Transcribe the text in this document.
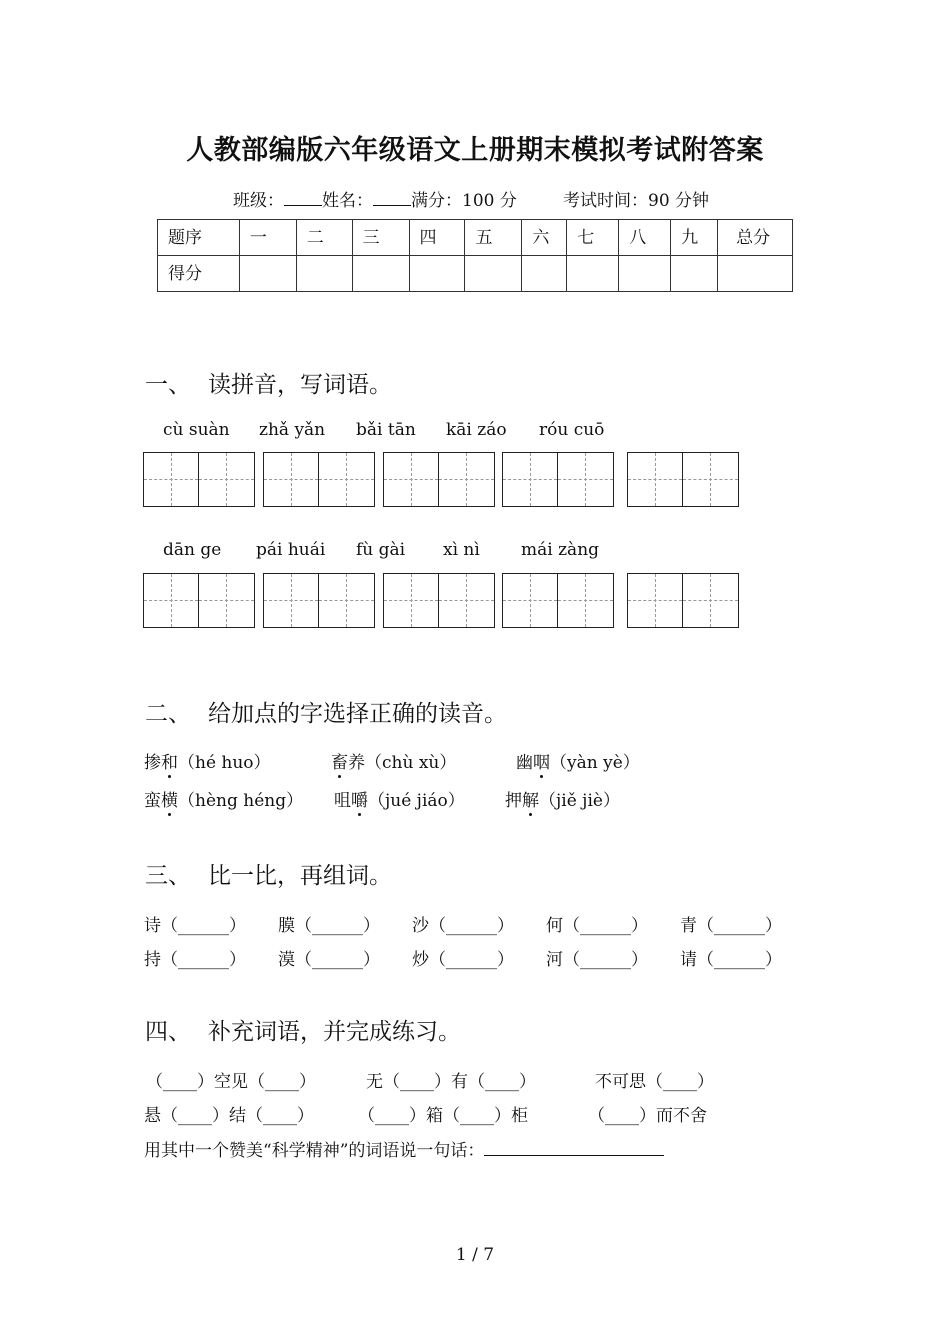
人教部编版六年级语文上册期末模拟考试附答案
班级： 姓名： 满分：100 分	考试时间：90 分钟
题序	一	二	三	四	五	六	七	八	九	总分
得分										
一、 读拼音，写词语。
cù suàn zhǎ yǎn bǎi tān kāi záo róu cuō
dān ge pái huái fù gài xì nì mái zàng
二、 给加点的字选择正确的读音。
掺和（hé huo）	畜养（chù xù）	幽咽（yàn yè）
蛮横（hèng héng） 咀嚼（jué jiáo） 押解（jiě jiè）
三、 比一比，再组词。
诗（______） 膜（______） 沙（______） 何（______） 青（______）
持（______） 漠（______） 炒（______） 河（______） 请（______）
四、 补充词语，并完成练习。
（____）空见（____）	无（____）有（____）	不可思（____）
悬（____）结（____）	（____）箱（____）柜	（____）而不舍
用其中一个赞美“科学精神”的词语说一句话：
1 / 7
